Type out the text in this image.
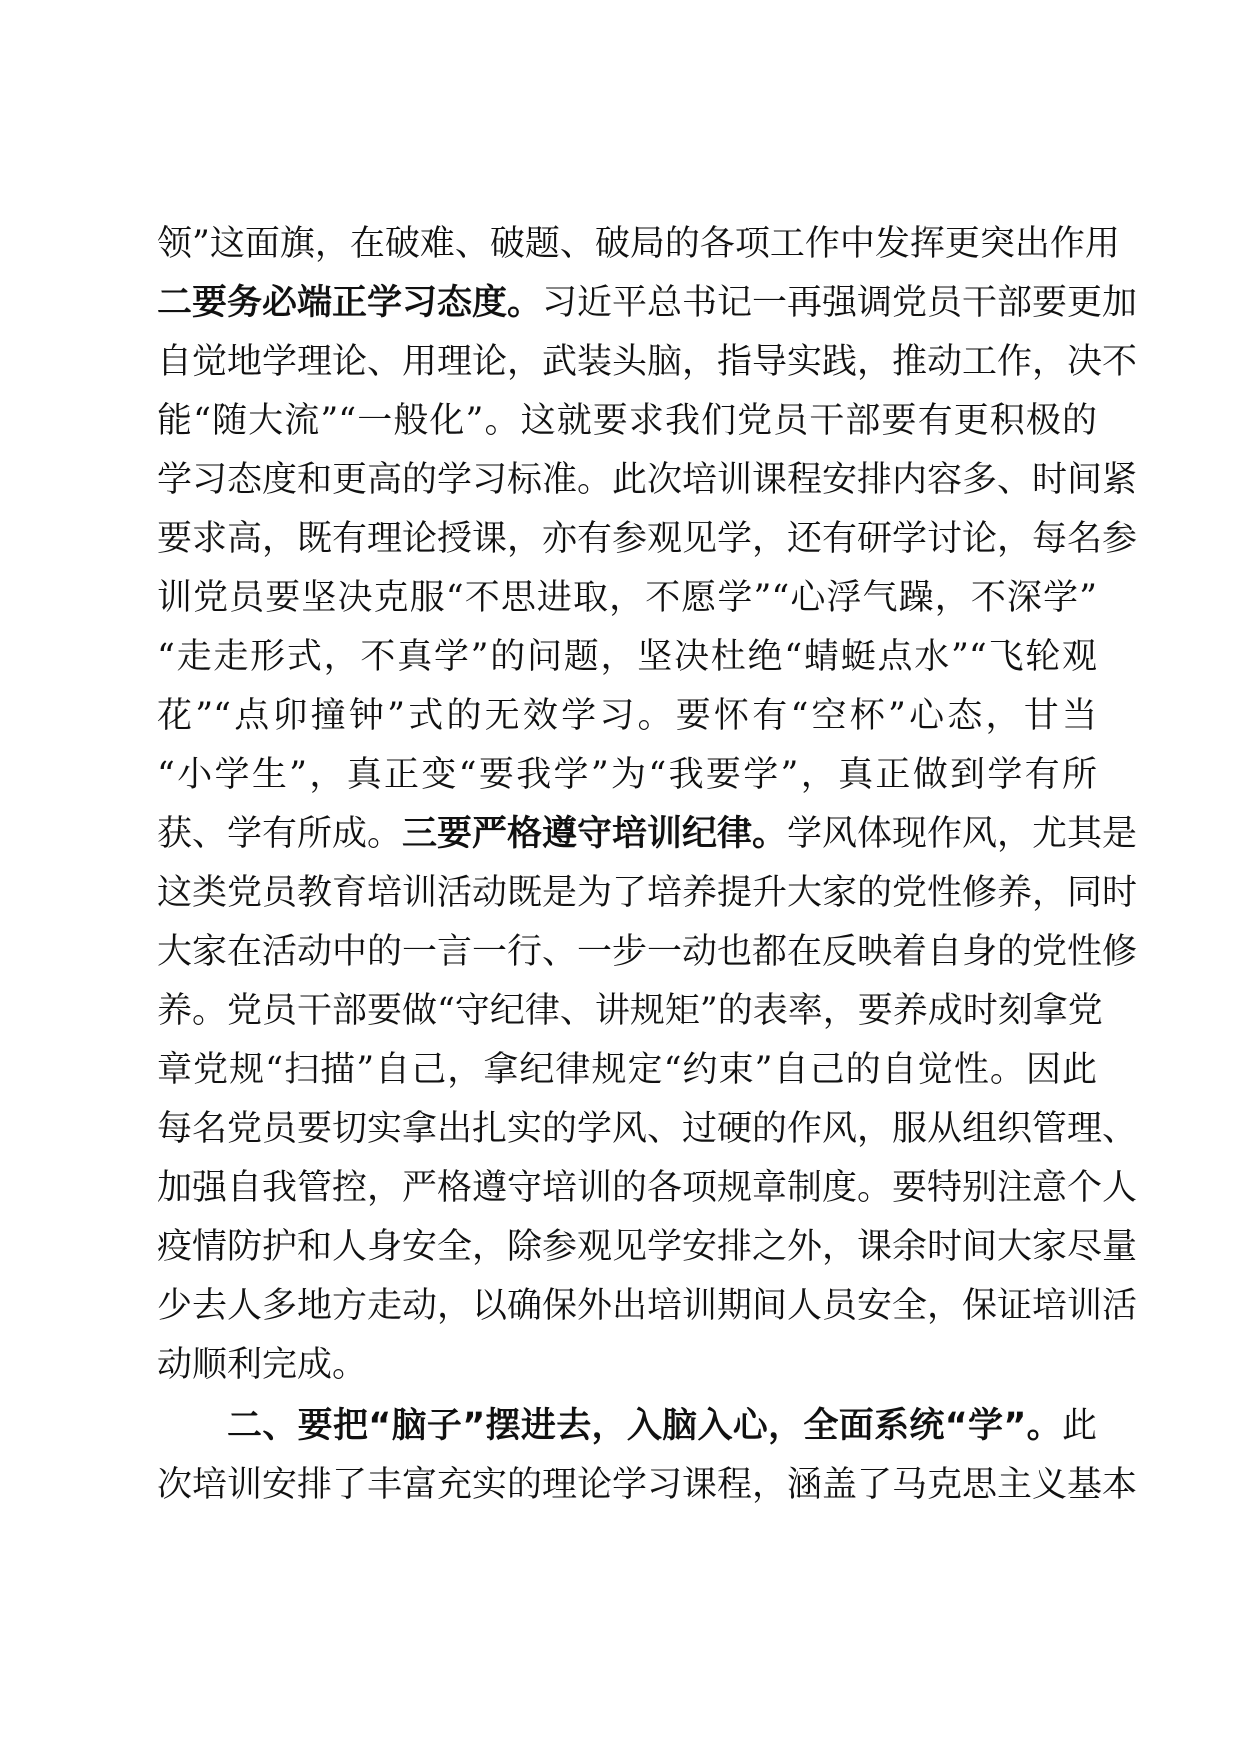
领”这面旗，在破难、破题、破局的各项工作中发挥更突出作用
二要务必端正学习态度。习近平总书记一再强调党员干部要更加
自觉地学理论、用理论，武装头脑，指导实践，推动工作，决不
能“随大流”“一般化”。这就要求我们党员干部要有更积极的
学习态度和更高的学习标准。此次培训课程安排内容多、时间紧
要求高，既有理论授课，亦有参观见学，还有研学讨论，每名参
训党员要坚决克服“不思进取，不愿学”“心浮气躁，不深学”
“走走形式，不真学”的问题，坚决杜绝“蜻蜓点水”“飞轮观
花”“点卯撞钟”式的无效学习。要怀有“空杯”心态，甘当
“小学生”，真正变“要我学”为“我要学”，真正做到学有所
获、学有所成。三要严格遵守培训纪律。学风体现作风，尤其是
这类党员教育培训活动既是为了培养提升大家的党性修养，同时
大家在活动中的一言一行、一步一动也都在反映着自身的党性修
养。党员干部要做“守纪律、讲规矩”的表率，要养成时刻拿党
章党规“扫描”自己，拿纪律规定“约束”自己的自觉性。因此
每名党员要切实拿出扎实的学风、过硬的作风，服从组织管理、
加强自我管控，严格遵守培训的各项规章制度。要特别注意个人
疫情防护和人身安全，除参观见学安排之外，课余时间大家尽量
少去人多地方走动，以确保外出培训期间人员安全，保证培训活
动顺利完成。
二、要把“脑子”摆进去，入脑入心，全面系统“学”。此
次培训安排了丰富充实的理论学习课程，涵盖了马克思主义基本
